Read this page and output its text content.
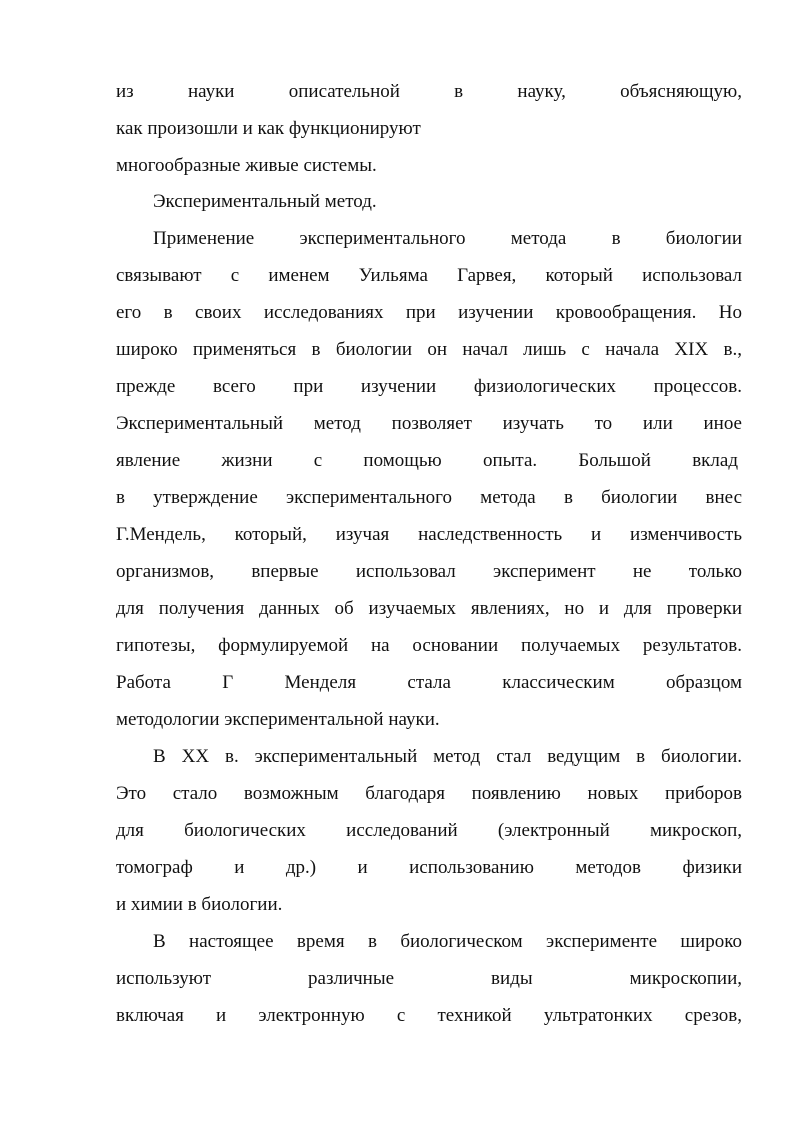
из науки описательной в науку, объясняющую,
как произошли и как функционируют
многообразные живые системы.
Экспериментальный метод.
Применение экспериментального метода в биологии
связывают с именем Уильяма Гарвея, который использовал
его в своих исследованиях при изучении кровообращения. Но
широко применяться в биологии он начал лишь с начала XIX в.,
прежде всего при изучении физиологических процессов.
Экспериментальный метод позволяет изучать то или иное
явление жизни с помощью опыта. Большой вклад
в утверждение экспериментального метода в биологии внес
Г.Мендель, который, изучая наследственность и изменчивость
организмов, впервые использовал эксперимент не только
для получения данных об изучаемых явлениях, но и для проверки
гипотезы, формулируемой на основании получаемых результатов.
Работа Г Менделя стала классическим образцом
методологии экспериментальной науки.
В XX в. экспериментальный метод стал ведущим в биологии.
Это стало возможным благодаря появлению новых приборов
для биологических исследований (электронный микроскоп,
томограф и др.) и использованию методов физики
и химии в биологии.
В настоящее время в биологическом эксперименте широко
используют различные виды микроскопии,
включая и электронную с техникой ультратонких срезов,
